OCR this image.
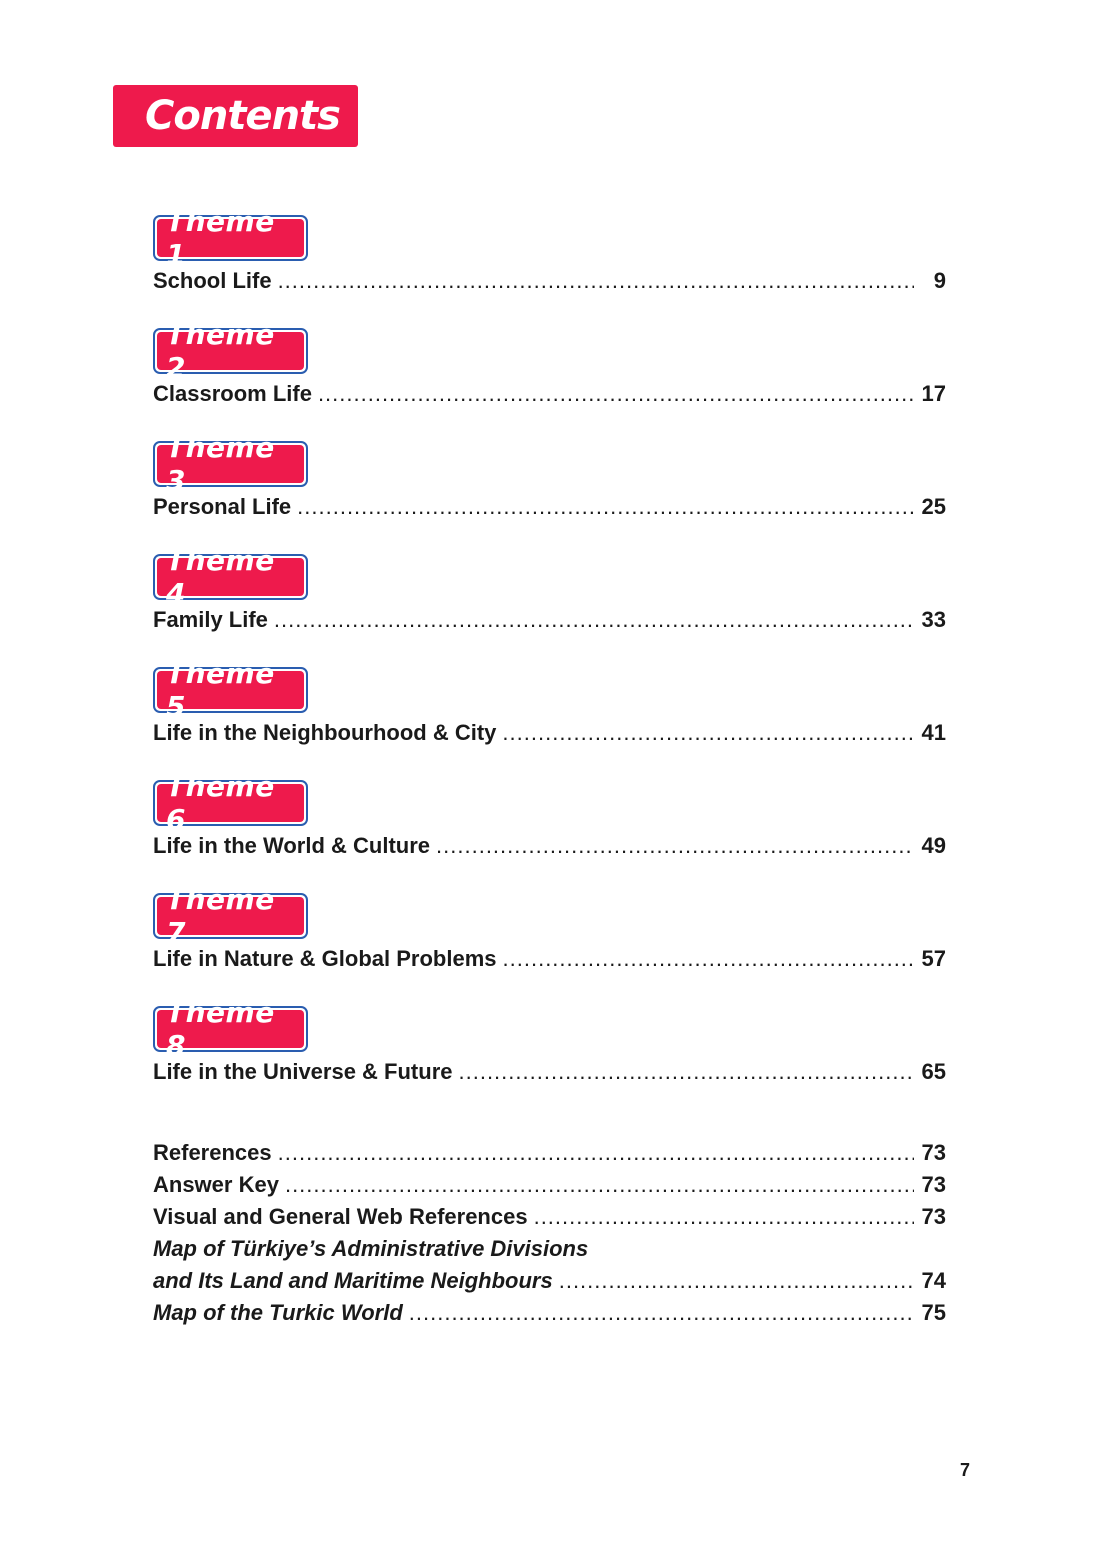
Contents
Theme 1
School Life .....	9
Theme 2
Classroom Life .....	17
Theme 3
Personal Life .....	25
Theme 4
Family Life .....	33
Theme 5
Life in the Neighbourhood & City .....	41
Theme 6
Life in the World & Culture .....	49
Theme 7
Life in Nature & Global Problems .....	57
Theme 8
Life in the Universe & Future .....	65
References .....	73
Answer Key .....	73
Visual and General Web References .....	73
Map of Türkiye’s Administrative Divisions
and Its Land and Maritime Neighbours .....	74
Map of the Turkic World .....	75
7
